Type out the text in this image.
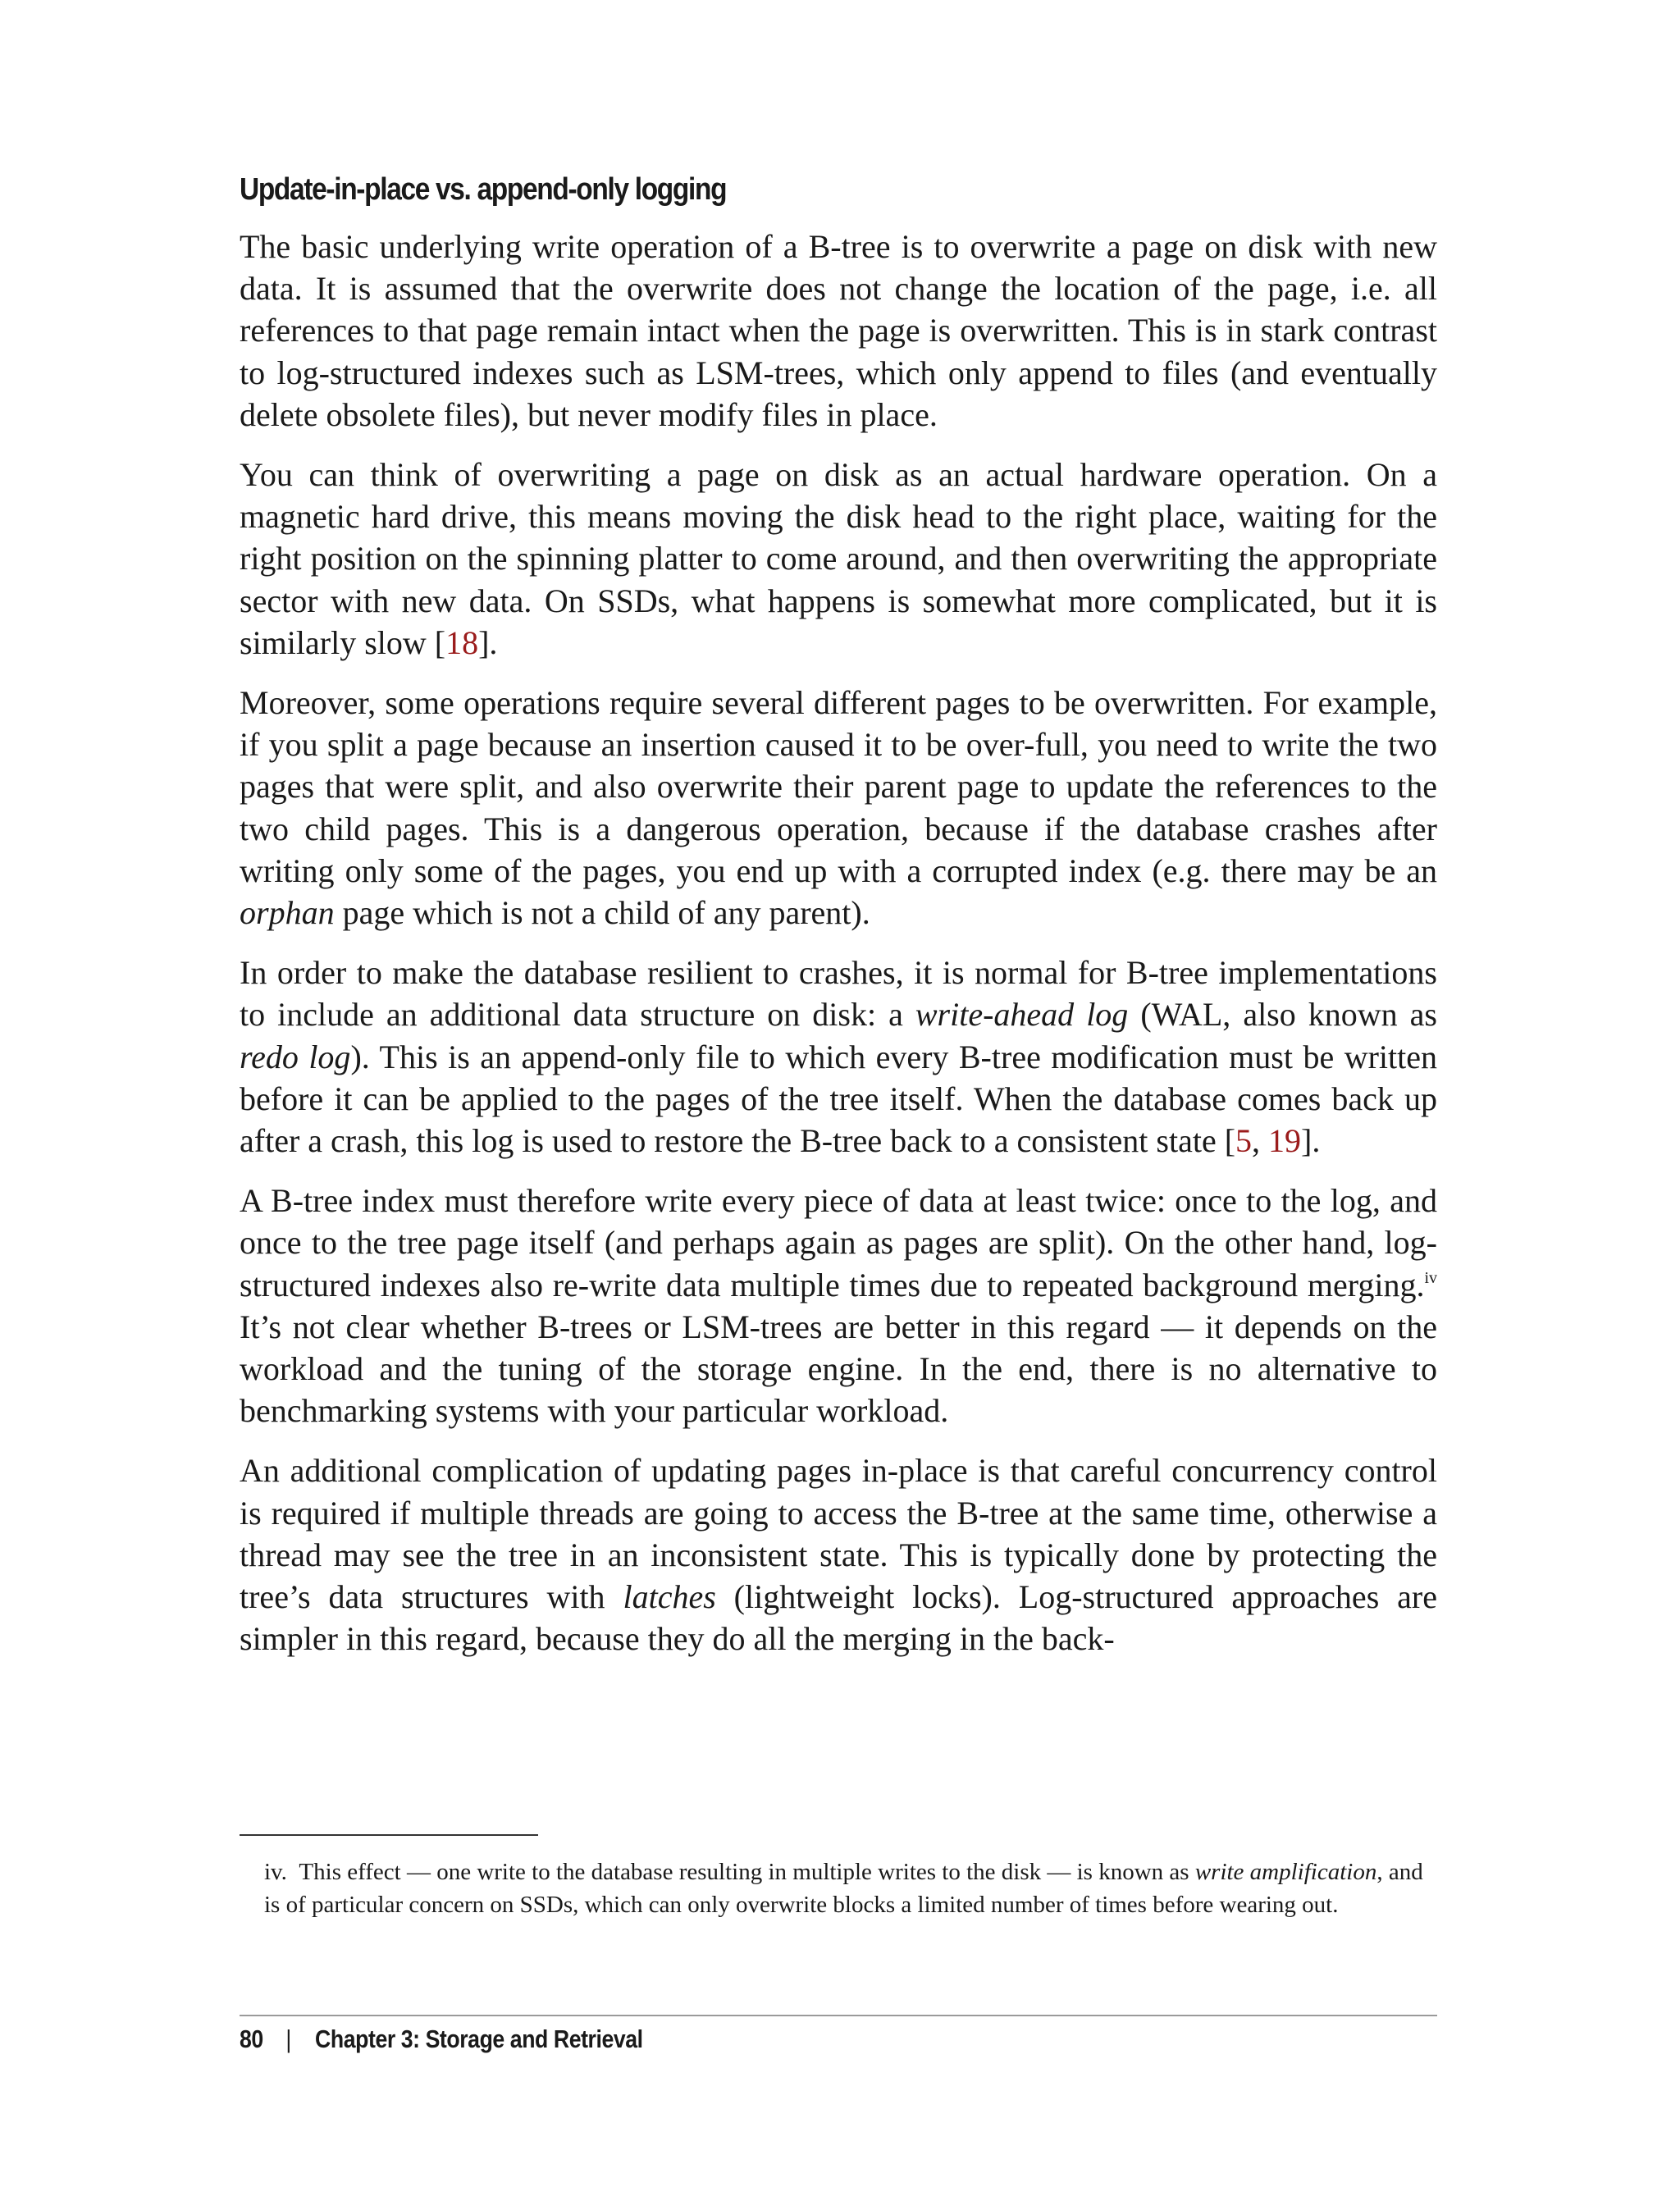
Update-in-place vs. append-only logging

The basic underlying write operation of a B-tree is to overwrite a page on disk with new data. It is assumed that the overwrite does not change the location of the page, i.e. all references to that page remain intact when the page is overwritten. This is in stark contrast to log-structured indexes such as LSM-trees, which only append to files (and eventually delete obsolete files), but never modify files in place.

You can think of overwriting a page on disk as an actual hardware operation. On a magnetic hard drive, this means moving the disk head to the right place, waiting for the right position on the spinning platter to come around, and then overwriting the appropriate sector with new data. On SSDs, what happens is somewhat more complicated, but it is similarly slow [18].

Moreover, some operations require several different pages to be overwritten. For example, if you split a page because an insertion caused it to be over-full, you need to write the two pages that were split, and also overwrite their parent page to update the references to the two child pages. This is a dangerous operation, because if the database crashes after writing only some of the pages, you end up with a corrupted index (e.g. there may be an orphan page which is not a child of any parent).

In order to make the database resilient to crashes, it is normal for B-tree implementations to include an additional data structure on disk: a write-ahead log (WAL, also known as redo log). This is an append-only file to which every B-tree modification must be written before it can be applied to the pages of the tree itself. When the database comes back up after a crash, this log is used to restore the B-tree back to a consistent state [5, 19].

A B-tree index must therefore write every piece of data at least twice: once to the log, and once to the tree page itself (and perhaps again as pages are split). On the other hand, log-structured indexes also re-write data multiple times due to repeated background merging.$^{iv}$ It’s not clear whether B-trees or LSM-trees are better in this regard — it depends on the workload and the tuning of the storage engine. In the end, there is no alternative to benchmarking systems with your particular workload.

An additional complication of updating pages in-place is that careful concurrency control is required if multiple threads are going to access the B-tree at the same time, otherwise a thread may see the tree in an inconsistent state. This is typically done by protecting the tree’s data structures with latches (lightweight locks). Log-structured approaches are simpler in this regard, because they do all the merging in the back-

iv.  This effect — one write to the database resulting in multiple writes to the disk — is known as write amplification, and is of particular concern on SSDs, which can only overwrite blocks a limited number of times before wearing out.

80 | Chapter 3: Storage and Retrieval
